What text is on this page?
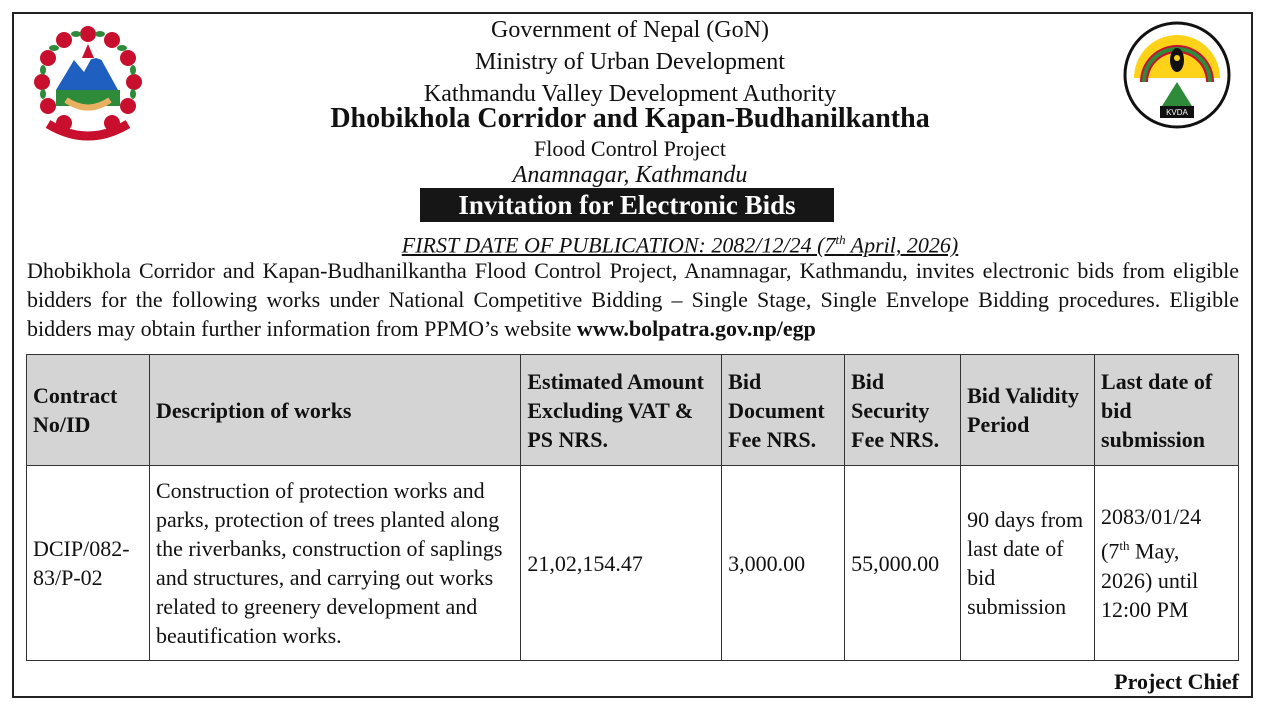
KVDA
Government of Nepal (GoN)
Ministry of Urban Development
Kathmandu Valley Development Authority
Dhobikhola Corridor and Kapan-Budhanilkantha
Flood Control Project
Anamnagar, Kathmandu
Invitation for Electronic Bids
FIRST DATE OF PUBLICATION: 2082/12/24 (7th April, 2026)
Dhobikhola Corridor and Kapan-Budhanilkantha Flood Control Project, Anamnagar, Kathmandu, invites electronic bids from eligible bidders for the following works under National Competitive Bidding – Single Stage, Single Envelope Bidding procedures. Eligible bidders may obtain further information from PPMO’s website www.bolpatra.gov.np/egp
Contract No/ID	Description of works	Estimated Amount Excluding VAT & PS NRS.	Bid Document Fee NRS.	Bid Security Fee NRS.	Bid Validity Period	Last date of bid submission
DCIP/082-83/P-02	Construction of protection works and parks, protection of trees planted along the riverbanks, construction of saplings and structures, and carrying out works related to greenery development and beautification works.	21,02,154.47	3,000.00	55,000.00	90 days from last date of bid submission	2083/01/24 (7th May, 2026) until 12:00 PM
Project Chief
